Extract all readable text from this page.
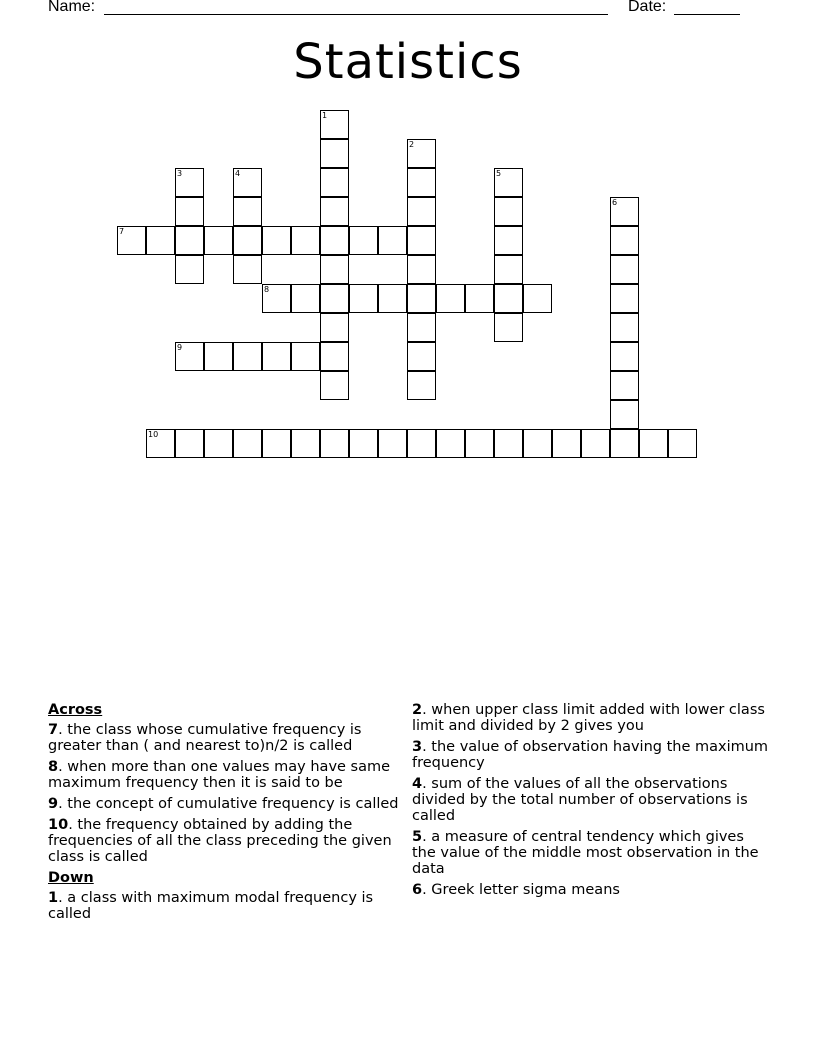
Name:	Date:
Statistics
1
2
3	4	5
6
7
8
9
10
Across
7. the class whose cumulative frequency is greater than ( and nearest to)n/2 is called
8. when more than one values may have same maximum frequency then it is said to be
9. the concept of cumulative frequency is called
10. the frequency obtained by adding the frequencies of all the class preceding the given class is called
Down
1. a class with maximum modal frequency is called
2. when upper class limit added with lower class limit and divided by 2 gives you
3. the value of observation having the maximum frequency
4. sum of the values of all the observations divided by the total number of observations is called
5. a measure of central tendency which gives the value of the middle most observation in the data
6. Greek letter sigma means
